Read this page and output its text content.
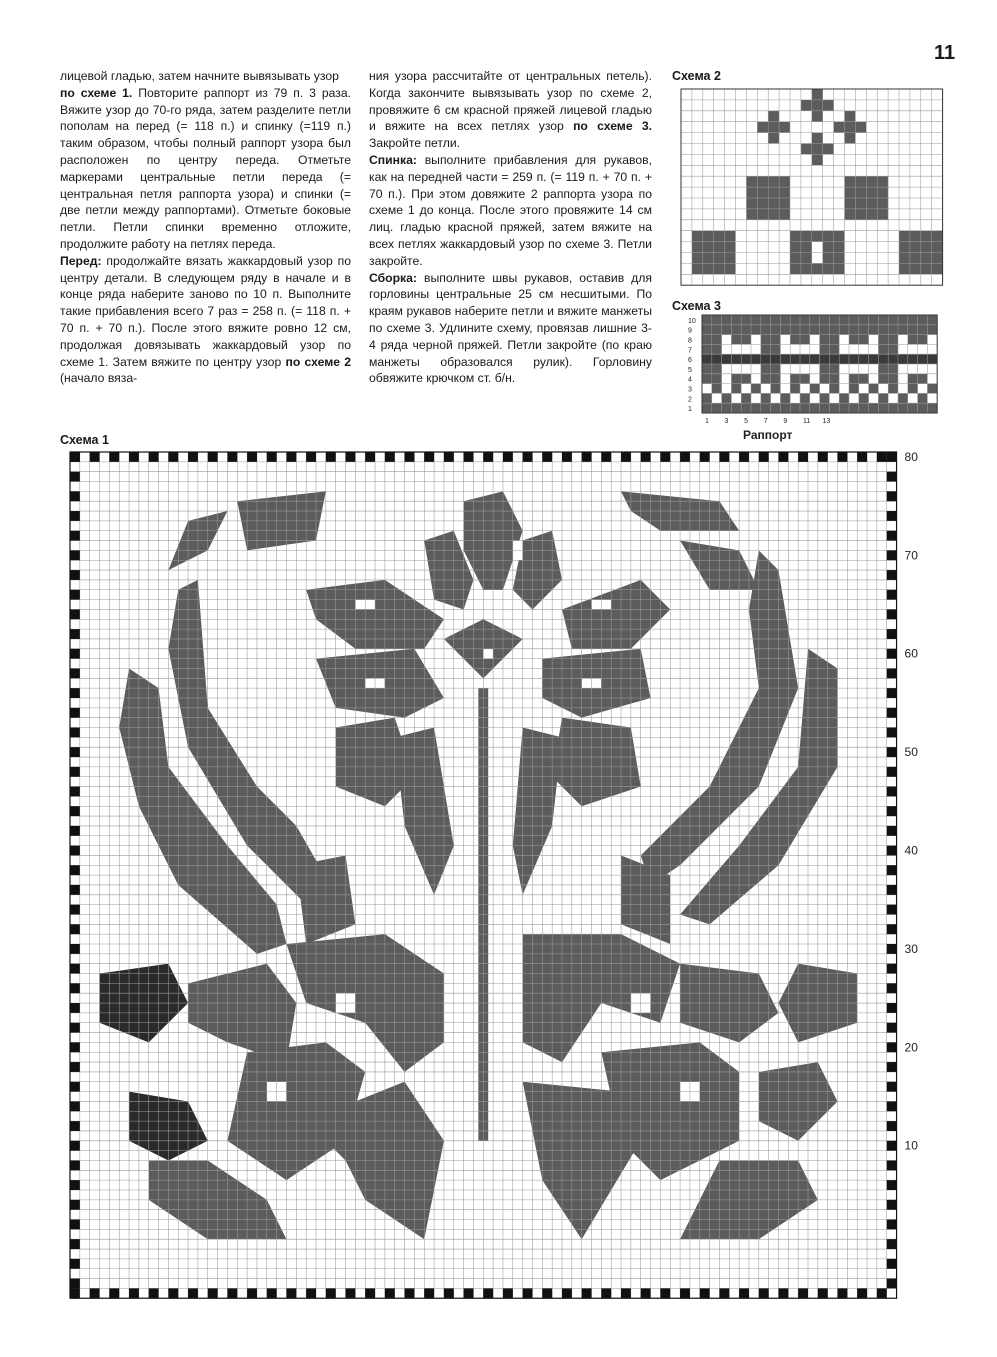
11

лицевой гладью, затем начните вывязывать узор

по схеме 1. Повторите раппорт из 79 п. 3 раза. Вяжите узор до 70-го ряда, затем разделите петли пополам на перед (= 118 п.) и спинку (=119 п.) таким образом, чтобы полный раппорт узора был расположен по центру переда. Отметьте маркерами центральные петли переда (= центральная петля раппорта узора) и спинки (= две петли между раппортами). Отметьте боковые петли. Петли спинки временно отложите, продолжите работу на петлях переда.

Перед: продолжайте вязать жаккардовый узор по центру детали. В следующем ряду в начале и в конце ряда наберите заново по 10 п. Выполните такие прибавления всего 7 раз = 258 п. (= 118 п. + 70 п. + 70 п.). После этого вяжите ровно 12 см, продолжая довязывать жаккардовый узор по схеме 1. Затем вяжите по центру узор по схеме 2 (начало вяза-

ния узора рассчитайте от центральных петель). Когда закончите вывязывать узор по схеме 2, провяжите 6 см красной пряжей лицевой гладью и вяжите на всех петлях узор по схеме 3. Закройте петли.

Спинка: выполните прибавления для рукавов, как на передней части = 259 п. (= 119 п. + 70 п. + 70 п.). При этом довяжите 2 раппорта узора по схеме 1 до конца. После этого провяжите 14 см лиц. гладью красной пряжей, затем вяжите на всех петлях жаккардовый узор по схеме 3. Петли закройте.

Сборка: выполните швы рукавов, оставив для горловины центральные 25 см несшитыми. По краям рукавов наберите петли и вяжите манжеты по схеме 3. Удлините схему, провязав лишние 3-4 ряда черной пряжей. Петли закройте (по краю манжеты образовался рулик). Горловину обвяжите крючком ст. б/н.

Схема 2
Схема 3
1
2
3
4
5
6
7
8
9
10
1 3 5 7 9 11 13
Раппорт
Схема 1
10
20
30
40
50
60
70
80
